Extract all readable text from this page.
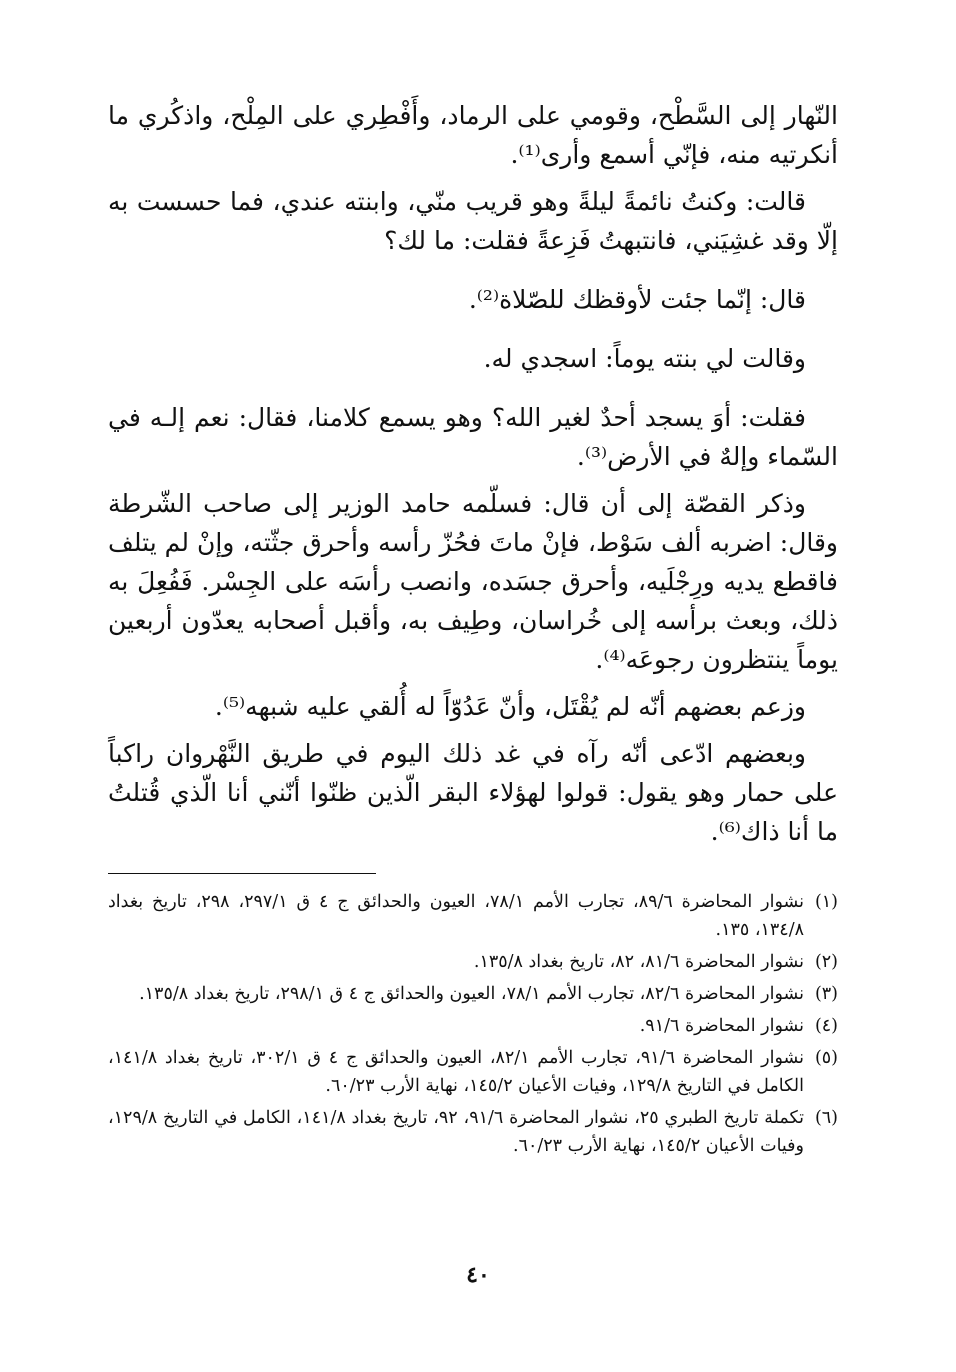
النّهار إلى السَّطْح، وقومي على الرماد، وأَفْطِري على المِلْح، واذكُري ما أنكرتيه منه، فإنّي أسمع وأرى⁽¹⁾.

قالت: وكنتُ نائمةً ليلةً وهو قريب منّي، وابنته عندي، فما حسست به إلّا وقد غشِيَني، فانتبهتُ فَزِعةً فقلت: ما لك؟

قال: إنّما جئت لأوقظك للصّلاة⁽²⁾.

وقالت لي بنته يوماً: اسجدي له.

فقلت: أوَ يسجد أحدٌ لغير الله؟ وهو يسمع كلامنا، فقال: نعم إلـه في السّماء وإلهٌ في الأرض⁽³⁾.

وذكر القصّة إلى أن قال: فسلّمه حامد الوزير إلى صاحب الشّرطة وقال: اضربه ألف سَوْط، فإنْ ماتَ فحُزّ رأسه وأحرق جثّته، وإنْ لم يتلف فاقطع يديه ورِجْلَيه، وأحرق جسَده، وانصب رأسَه على الجِسْر. فَفُعِلَ به ذلك، وبعث برأسه إلى خُراسان، وطِيف به، وأقبل أصحابه يعدّون أربعين يوماً ينتظرون رجوعَه⁽⁴⁾.

وزعم بعضهم أنّه لم يُقْتَل، وأنّ عَدُوّاً له أُلقي عليه شبهه⁽⁵⁾.

وبعضهم ادّعى أنّه رآه في غد ذلك اليوم في طريق النَّهْروان راكباً على حمار وهو يقول: قولوا لهؤلاء البقر الّذين ظنّوا أنّني أنا الّذي قُتلتُ ما أنا ذاك⁽⁶⁾.

(١)
نشوار المحاضرة ٨٩/٦، تجارب الأمم ٧٨/١، العيون والحدائق ج ٤ ق ٢٩٧/١، ٢٩٨، تاريخ بغداد ١٣٤/٨، ١٣٥.
(٢)
نشوار المحاضرة ٨١/٦، ٨٢، تاريخ بغداد ١٣٥/٨.
(٣)
نشوار المحاضرة ٨٢/٦، تجارب الأمم ٧٨/١، العيون والحدائق ج ٤ ق ٢٩٨/١، تاريخ بغداد ١٣٥/٨.
(٤)
نشوار المحاضرة ٩١/٦.
(٥)
نشوار المحاضرة ٩١/٦، تجارب الأمم ٨٢/١، العيون والحدائق ج ٤ ق ٣٠٢/١، تاريخ بغداد ١٤١/٨، الكامل في التاريخ ١٢٩/٨، وفيات الأعيان ١٤٥/٢، نهاية الأرب ٦٠/٢٣.
(٦)
تكملة تاريخ الطبري ٢٥، نشوار المحاضرة ٩١/٦، ٩٢، تاريخ بغداد ١٤١/٨، الكامل في التاريخ ١٢٩/٨، وفيات الأعيان ١٤٥/٢، نهاية الأرب ٦٠/٢٣.
٤٠
